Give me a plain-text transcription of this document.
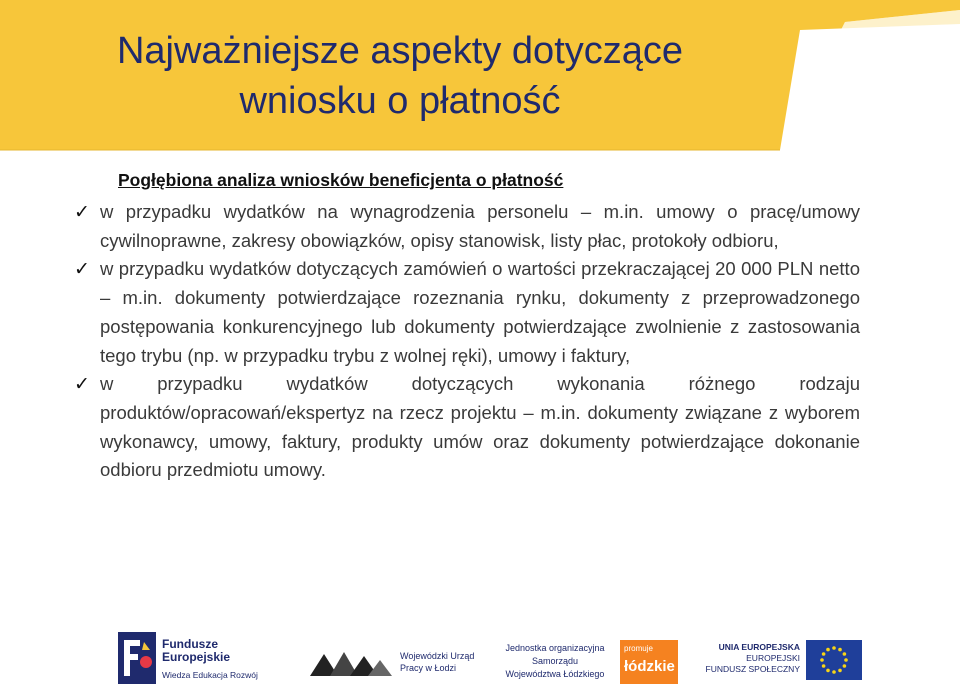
Najważniejsze aspekty dotyczące
wniosku o płatność

Pogłębiona analiza wniosków beneficjenta o płatność

✓ w przypadku wydatków na wynagrodzenia personelu – m.in. umowy o pracę/umowy cywilnoprawne, zakresy obowiązków, opisy stanowisk, listy płac, protokoły odbioru,
✓ w przypadku wydatków dotyczących zamówień o wartości przekraczającej 20 000 PLN netto – m.in. dokumenty potwierdzające rozeznania rynku, dokumenty z przeprowadzonego postępowania konkurencyjnego lub dokumenty potwierdzające zwolnienie z zastosowania tego trybu (np. w przypadku trybu z wolnej ręki), umowy i faktury,
✓ w przypadku wydatków dotyczących wykonania różnego rodzaju produktów/opracowań/ekspertyz na rzecz projektu – m.in. dokumenty związane z wyborem wykonawcy, umowy, faktury, produkty umów oraz dokumenty potwierdzające dokonanie odbioru przedmiotu umowy.
Fundusze
Europejskie
Wiedza Edukacja Rozwój
Wojewódzki Urząd
Pracy w Łodzi
Jednostka organizacyjna
Samorządu
Województwa Łódzkiego
promuje
łódzkie
UNIA EUROPEJSKA
EUROPEJSKI
FUNDUSZ SPOŁECZNY
